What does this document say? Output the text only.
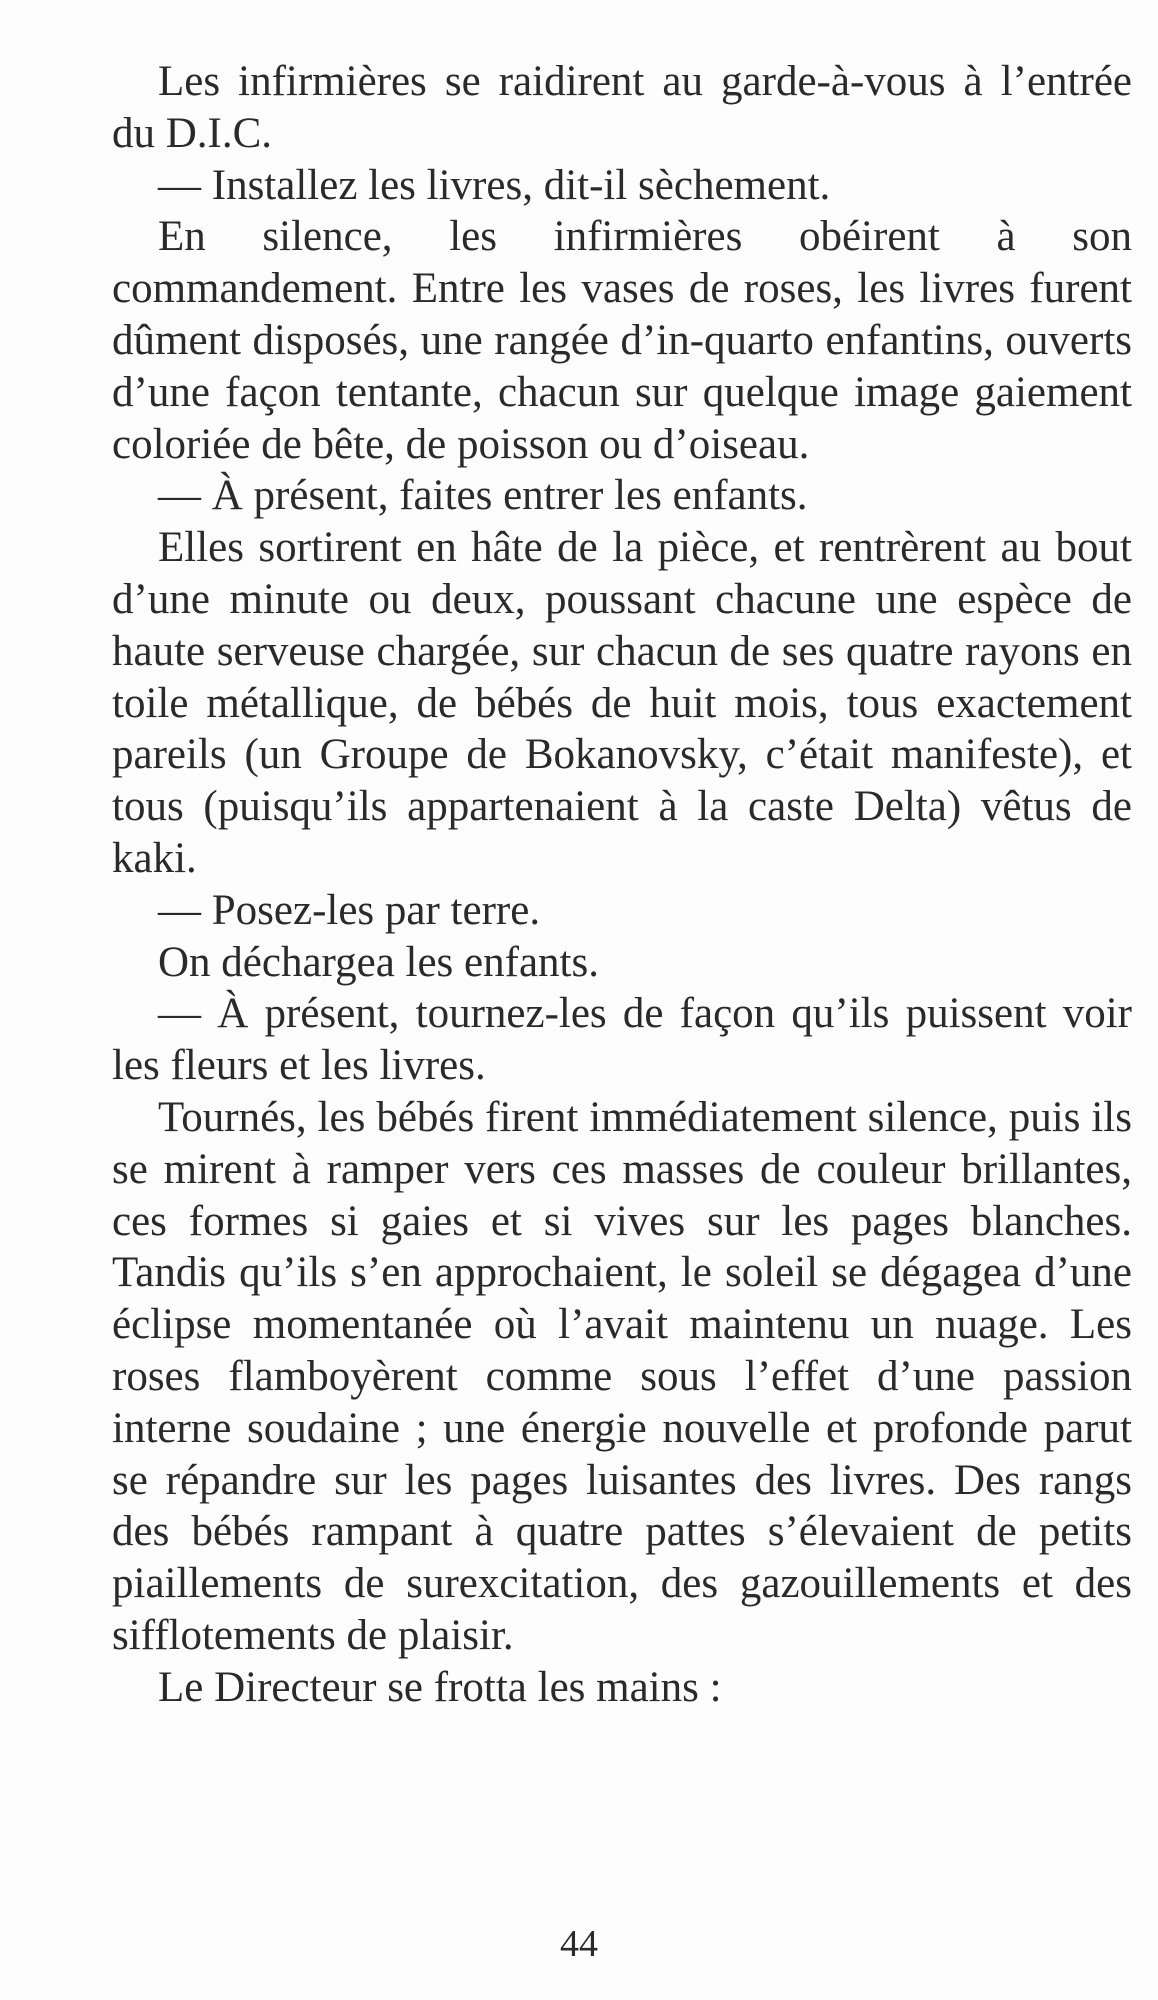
Les infirmières se raidirent au garde-à-vous à l’entrée du D.I.C.

— Installez les livres, dit-il sèchement.

En silence, les infirmières obéirent à son commandement. Entre les vases de roses, les livres furent dûment disposés, une rangée d’in-quarto enfantins, ouverts d’une façon tentante, chacun sur quelque image gaiement coloriée de bête, de poisson ou d’oiseau.

— À présent, faites entrer les enfants.

Elles sortirent en hâte de la pièce, et rentrèrent au bout d’une minute ou deux, poussant chacune une espèce de haute serveuse chargée, sur chacun de ses quatre rayons en toile métallique, de bébés de huit mois, tous exactement pareils (un Groupe de Bokanovsky, c’était manifeste), et tous (puisqu’ils appartenaient à la caste Delta) vêtus de kaki.

— Posez-les par terre.

On déchargea les enfants.

— À présent, tournez-les de façon qu’ils puissent voir les fleurs et les livres.

Tournés, les bébés firent immédiatement silence, puis ils se mirent à ramper vers ces masses de couleur brillantes, ces formes si gaies et si vives sur les pages blanches. Tandis qu’ils s’en approchaient, le soleil se dégagea d’une éclipse momentanée où l’avait maintenu un nuage. Les roses flamboyèrent comme sous l’effet d’une passion interne soudaine ; une énergie nouvelle et profonde parut se répandre sur les pages luisantes des livres. Des rangs des bébés rampant à quatre pattes s’élevaient de petits piaillements de surexcitation, des gazouillements et des sifflotements de plaisir.

Le Directeur se frotta les mains :

44
